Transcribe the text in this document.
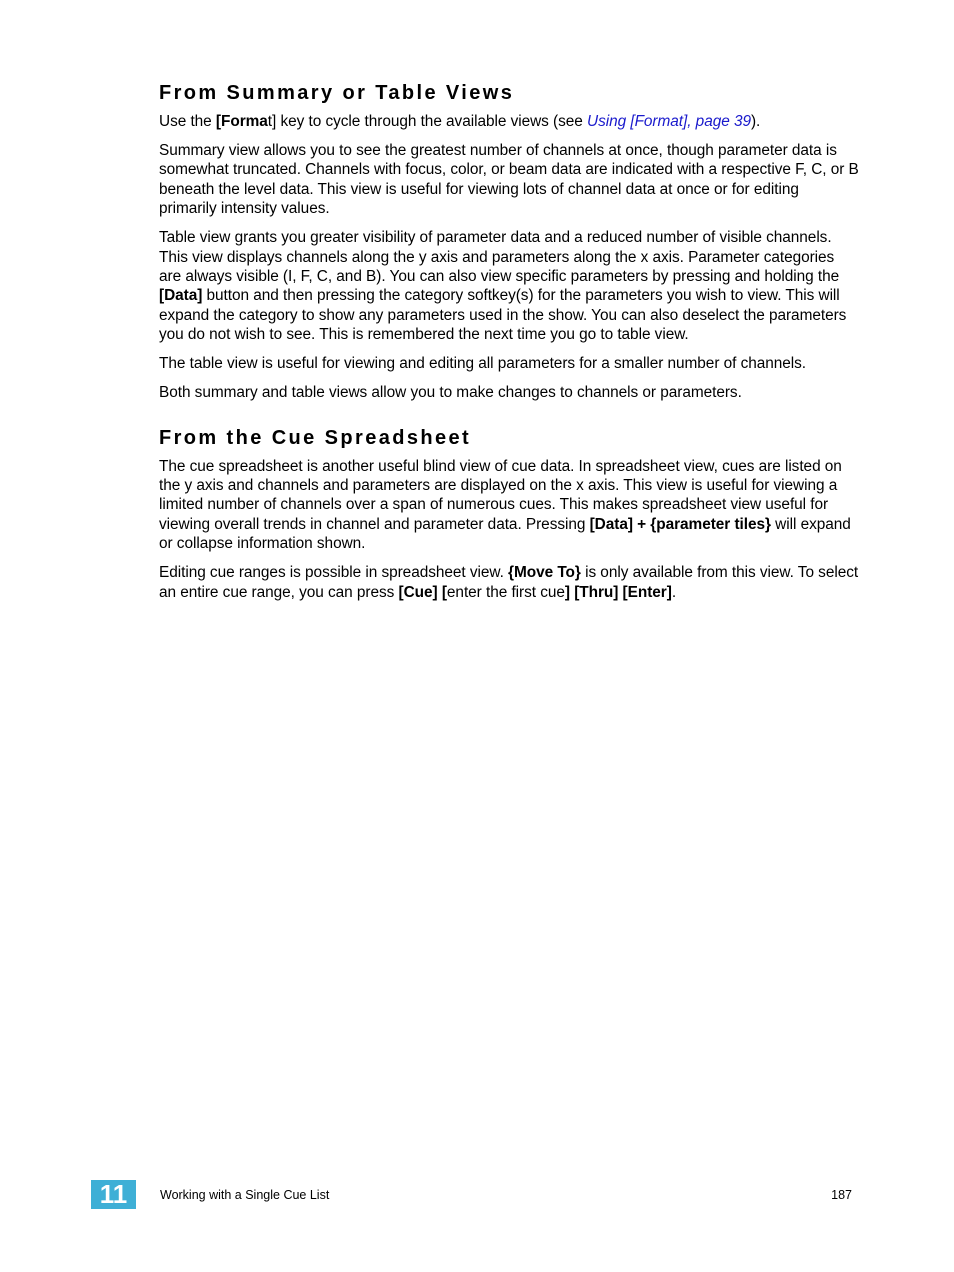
From Summary or Table Views

Use the [Format] key to cycle through the available views (see Using [Format], page 39).

Summary view allows you to see the greatest number of channels at once, though parameter data is somewhat truncated. Channels with focus, color, or beam data are indicated with a respective F, C, or B beneath the level data. This view is useful for viewing lots of channel data at once or for editing primarily intensity values.

Table view grants you greater visibility of parameter data and a reduced number of visible channels. This view displays channels along the y axis and parameters along the x axis. Parameter categories are always visible (I, F, C, and B). You can also view specific parameters by pressing and holding the [Data] button and then pressing the category softkey(s) for the parameters you wish to view. This will expand the category to show any parameters used in the show. You can also deselect the parameters you do not wish to see. This is remembered the next time you go to table view.

The table view is useful for viewing and editing all parameters for a smaller number of channels.

Both summary and table views allow you to make changes to channels or parameters.

From the Cue Spreadsheet

The cue spreadsheet is another useful blind view of cue data. In spreadsheet view, cues are listed on the y axis and channels and parameters are displayed on the x axis. This view is useful for viewing a limited number of channels over a span of numerous cues. This makes spreadsheet view useful for viewing overall trends in channel and parameter data. Pressing [Data] + {parameter tiles} will expand or collapse information shown.

Editing cue ranges is possible in spreadsheet view. {Move To} is only available from this view. To select an entire cue range, you can press [Cue] [enter the first cue] [Thru] [Enter].

11	Working with a Single Cue List	187
